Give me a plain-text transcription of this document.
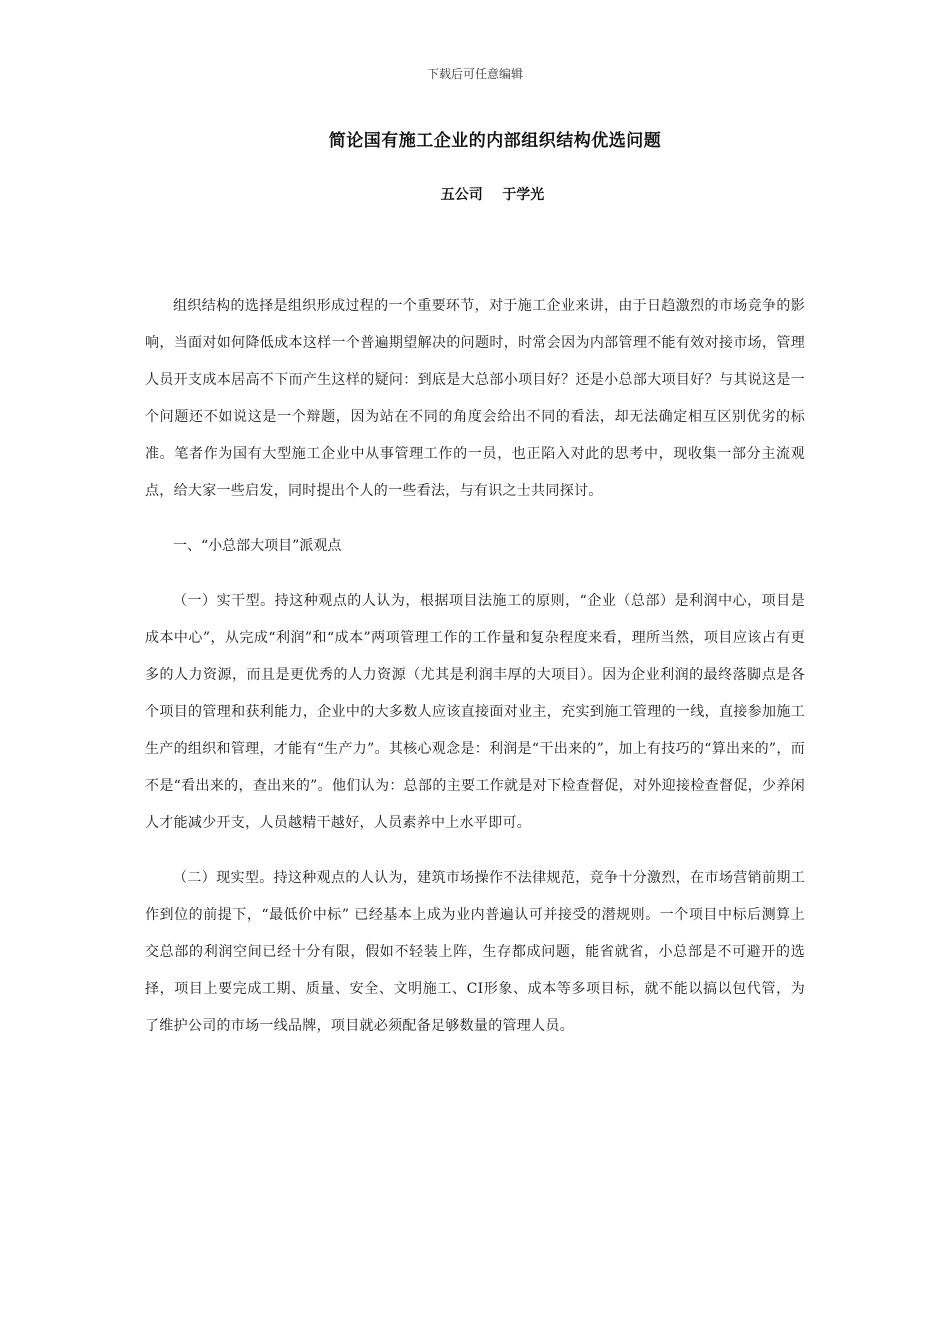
下载后可任意编辑
简论国有施工企业的内部组织结构优选问题
五公司    于学光

组织结构的选择是组织形成过程的一个重要环节，对于施工企业来讲，由于日趋激烈的市场竞争的影响，当面对如何降低成本这样一个普遍期望解决的问题时，时常会因为内部管理不能有效对接市场，管理人员开支成本居高不下而产生这样的疑问：到底是大总部小项目好？还是小总部大项目好？与其说这是一个问题还不如说这是一个辩题，因为站在不同的角度会给出不同的看法，却无法确定相互区别优劣的标准。笔者作为国有大型施工企业中从事管理工作的一员，也正陷入对此的思考中，现收集一部分主流观点，给大家一些启发，同时提出个人的一些看法，与有识之士共同探讨。

一、“小总部大项目”派观点

（一）实干型。持这种观点的人认为，根据项目法施工的原则，“企业（总部）是利润中心，项目是成本中心”，从完成“利润”和“成本”两项管理工作的工作量和复杂程度来看，理所当然，项目应该占有更多的人力资源，而且是更优秀的人力资源（尤其是利润丰厚的大项目）。因为企业利润的最终落脚点是各个项目的管理和获利能力，企业中的大多数人应该直接面对业主，充实到施工管理的一线，直接参加施工生产的组织和管理，才能有“生产力”。其核心观念是：利润是“干出来的”，加上有技巧的“算出来的”，而不是“看出来的，查出来的”。他们认为：总部的主要工作就是对下检查督促，对外迎接检查督促，少养闲人才能减少开支，人员越精干越好，人员素养中上水平即可。

（二）现实型。持这种观点的人认为，建筑市场操作不法律规范，竞争十分激烈，在市场营销前期工作到位的前提下，“最低价中标” 已经基本上成为业内普遍认可并接受的潜规则。一个项目中标后测算上交总部的利润空间已经十分有限，假如不轻装上阵，生存都成问题，能省就省，小总部是不可避开的选择，项目上要完成工期、质量、安全、文明施工、CI形象、成本等多项目标，就不能以搞以包代管，为了维护公司的市场一线品牌，项目就必须配备足够数量的管理人员。
